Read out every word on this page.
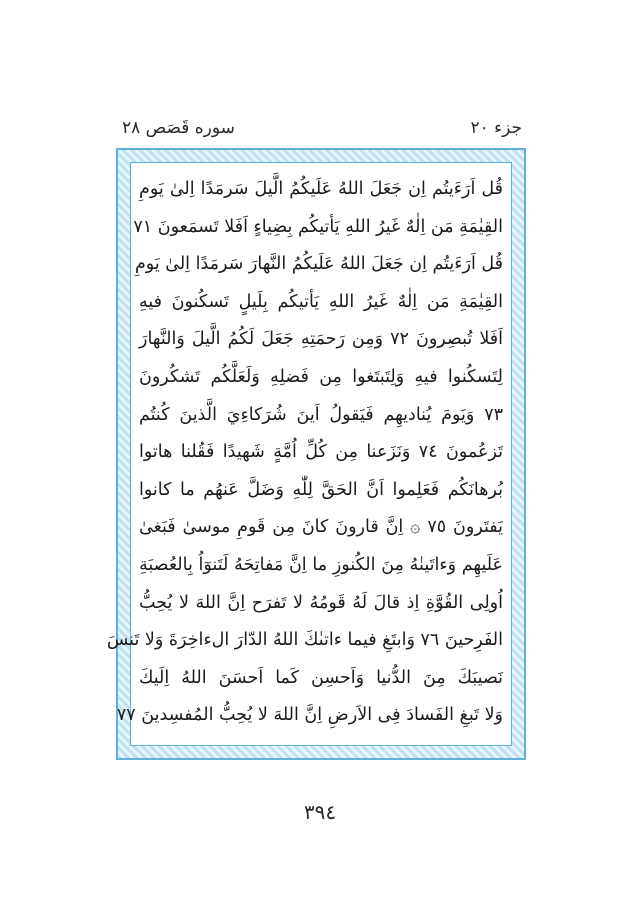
جزء ٢٠
سوره قَصَص ٢٨
قُل اَرَءَيتُم اِن جَعَلَ اللهُ عَلَيكُمُ الَّيلَ سَرمَدًا اِلىٰ يَومِ
القِيٰمَةِ مَن اِلٰهٌ غَيرُ اللهِ يَأتيكُم بِضِياءٍ اَفَلا تَسمَعونَ ٧١
قُل اَرَءَيتُم اِن جَعَلَ اللهُ عَلَيكُمُ النَّهارَ سَرمَدًا اِلىٰ يَومِ
القِيٰمَةِ مَن اِلٰهٌ غَيرُ اللهِ يَأتيكُم بِلَيلٍ تَسكُنونَ فيهِ
اَفَلا تُبصِرونَ ٧٢ وَمِن رَحمَتِهِ جَعَلَ لَكُمُ الَّيلَ وَالنَّهارَ
لِتَسكُنوا فيهِ وَلِتَبتَغوا مِن فَضلِهِ وَلَعَلَّكُم تَشكُرونَ
٧٣ وَيَومَ يُناديهِم فَيَقولُ اَينَ شُرَكاءِيَ الَّذينَ كُنتُم
تَزعُمونَ ٧٤ وَنَزَعنا مِن كُلِّ اُمَّةٍ شَهيدًا فَقُلنا هاتوا
بُرهانَكُم فَعَلِموا اَنَّ الحَقَّ لِلّٰهِ وَضَلَّ عَنهُم ما كانوا
يَفتَرونَ ٧٥ ۞ اِنَّ قارونَ كانَ مِن قَومِ موسىٰ فَبَغىٰ
عَلَيهِم وَءاتَينٰهُ مِنَ الكُنوزِ ما اِنَّ مَفاتِحَهُ لَتَنوٓاُ بِالعُصبَةِ
اُولِى القُوَّةِ اِذ قالَ لَهُ قَومُهُ لا تَفرَح اِنَّ اللهَ لا يُحِبُّ
الفَرِحينَ ٧٦ وَابتَغِ فيما ءاتىٰكَ اللهُ الدّارَ الءاخِرَةَ وَلا تَنسَ
نَصيبَكَ مِنَ الدُّنيا وَاَحسِن كَما اَحسَنَ اللهُ اِلَيكَ
وَلا تَبغِ الفَسادَ فِى الاَرضِ اِنَّ اللهَ لا يُحِبُّ المُفسِدينَ ٧٧
٣٩٤
